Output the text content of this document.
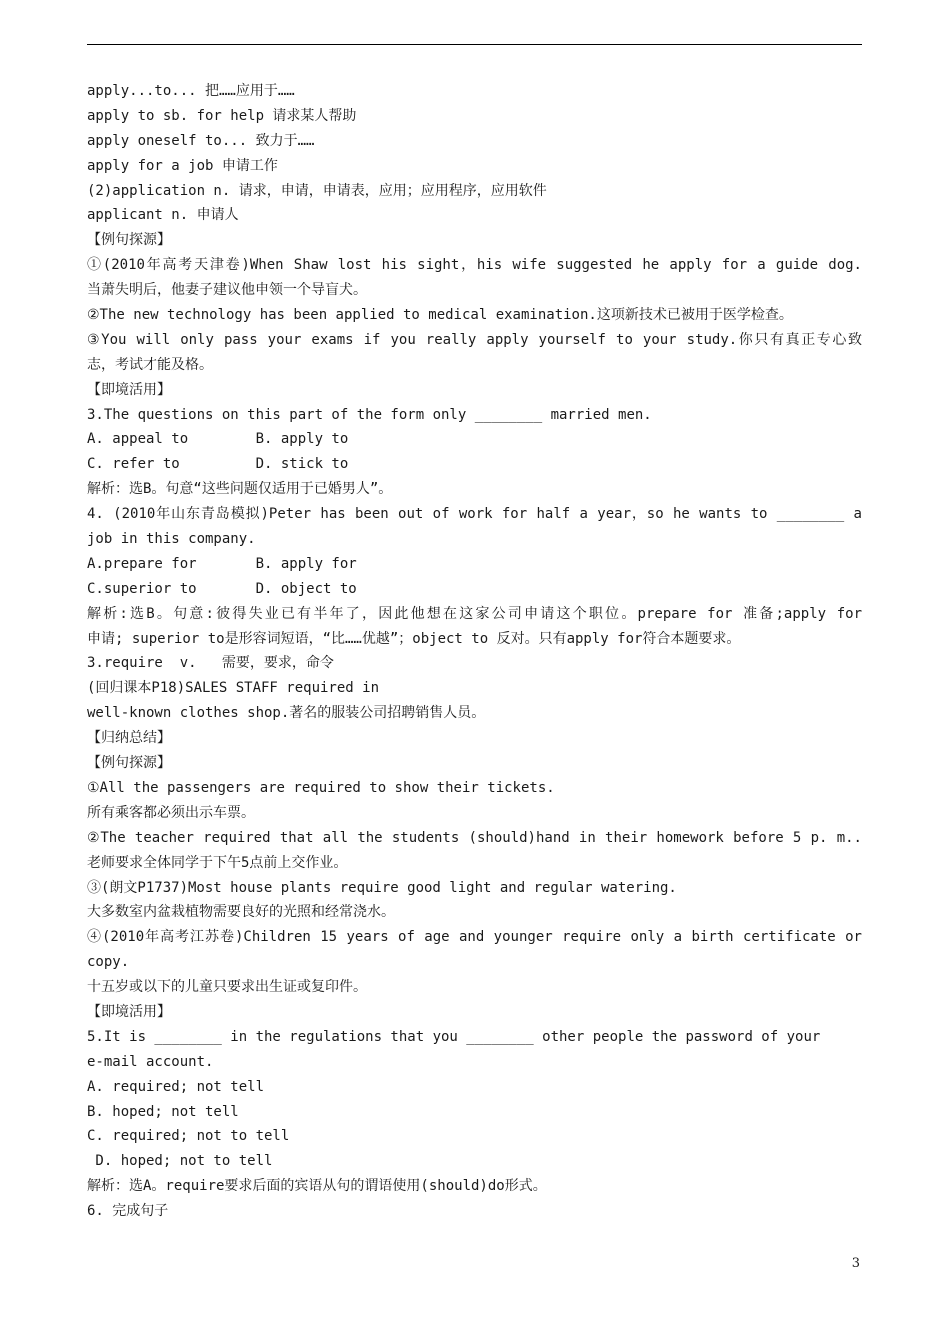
apply...to... 把……应用于……
apply to sb. for help 请求某人帮助
apply oneself to... 致力于……
apply for a job 申请工作
(2)application n. 请求，申请，申请表，应用；应用程序，应用软件
applicant n. 申请人
【例句探源】
①(2010年高考天津卷)When Shaw lost his sight，his wife suggested he apply for a guide dog.
当萧失明后，他妻子建议他申领一个导盲犬。
②The new technology has been applied to medical examination.这项新技术已被用于医学检查。
③You will only pass your exams if you really apply yourself to your study.你只有真正专心致
志，考试才能及格。
【即境活用】
3.The questions on this part of the form only ________ married men.
A. appeal to        B. apply to
C. refer to         D. stick to
解析：选B。句意“这些问题仅适用于已婚男人”。
4. (2010年山东青岛模拟)Peter has been out of work for half a year，so he wants to ________ a
job in this company.
A.prepare for       B. apply for
C.superior to       D. object to
解析:选B。句意:彼得失业已有半年了，因此他想在这家公司申请这个职位。prepare for 准备;apply for
申请; superior to是形容词短语，“比……优越”；object to 反对。只有apply for符合本题要求。
3.require  v.   需要，要求，命令
(回归课本P18)SALES STAFF required in
well-known clothes shop.著名的服装公司招聘销售人员。
【归纳总结】
【例句探源】
①All the passengers are required to show their tickets.
所有乘客都必须出示车票。
②The teacher required that all the students (should)hand in their homework before 5 p. m..
老师要求全体同学于下午5点前上交作业。
③(朗文P1737)Most house plants require good light and regular watering.
大多数室内盆栽植物需要良好的光照和经常浇水。
④(2010年高考江苏卷)Children 15 years of age and younger require only a birth certificate or
copy.
十五岁或以下的儿童只要求出生证或复印件。
【即境活用】
5.It is ________ in the regulations that you ________ other people the password of your
e-mail account.
A. required; not tell
B. hoped; not tell
C. required; not to tell
D. hoped; not to tell
解析：选A。require要求后面的宾语从句的谓语使用(should)do形式。
6. 完成句子
3
